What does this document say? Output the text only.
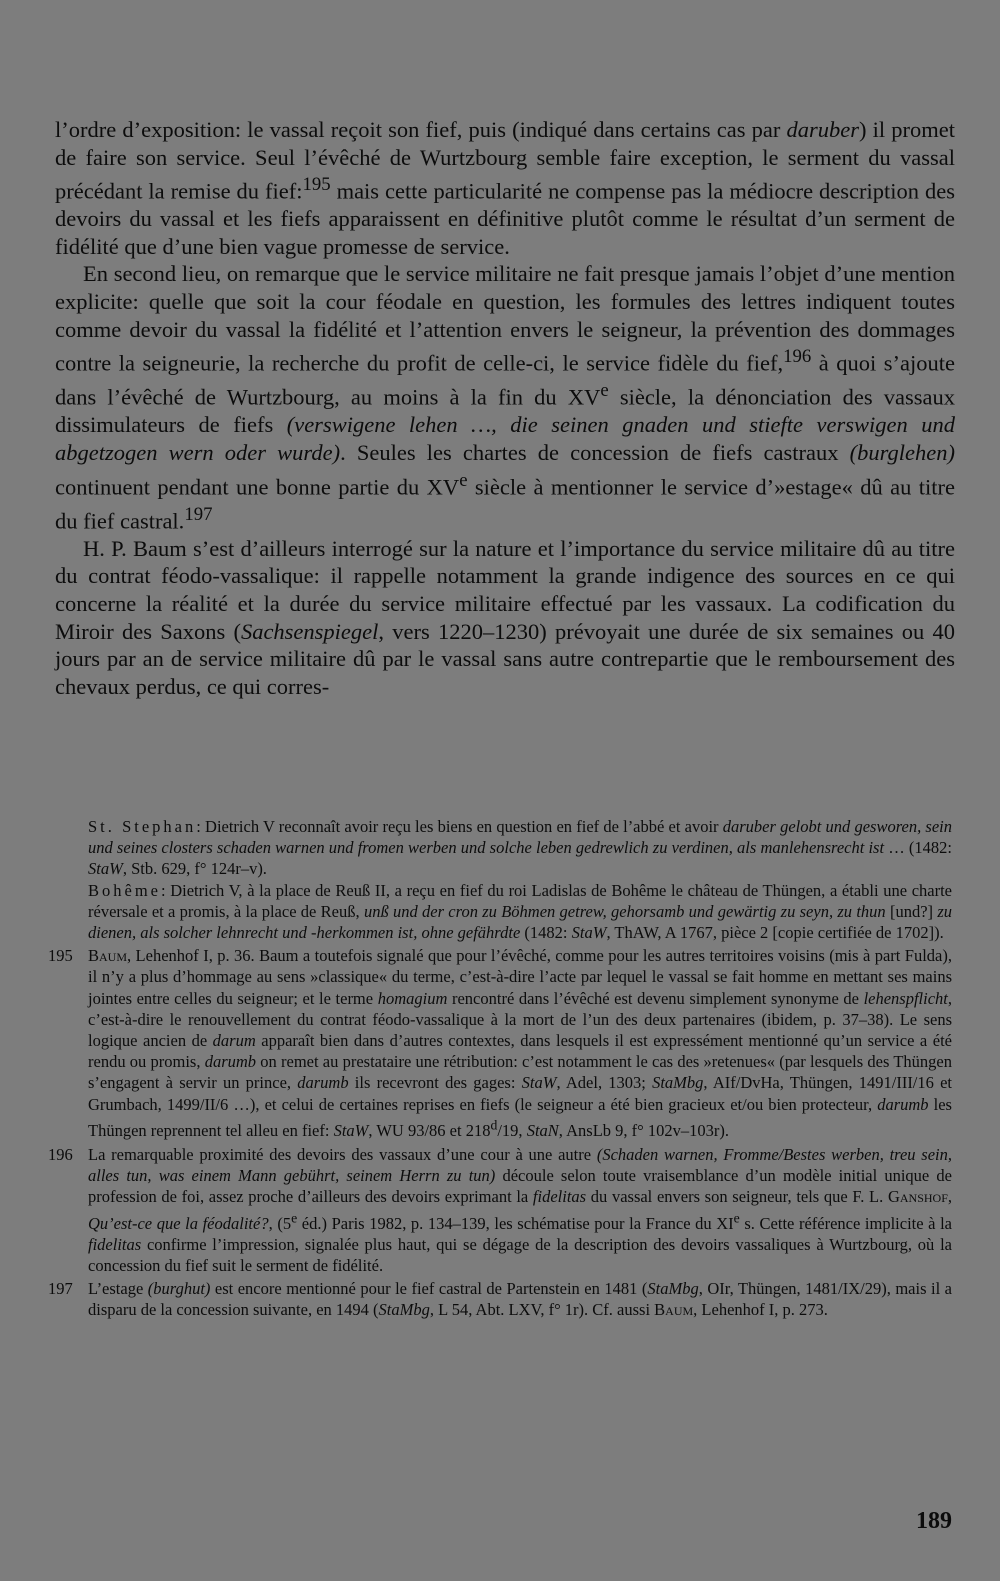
l’ordre d’exposition: le vassal reçoit son fief, puis (indiqué dans certains cas par daruber) il promet de faire son service. Seul l’évêché de Wurtzbourg semble faire exception, le serment du vassal précédant la remise du fief:$^{195}$ mais cette particularité ne compense pas la médiocre description des devoirs du vassal et les fiefs apparaissent en définitive plutôt comme le résultat d’un serment de fidélité que d’une bien vague promesse de service.

En second lieu, on remarque que le service militaire ne fait presque jamais l’objet d’une mention explicite: quelle que soit la cour féodale en question, les formules des lettres indiquent toutes comme devoir du vassal la fidélité et l’attention envers le seigneur, la prévention des dommages contre la seigneurie, la recherche du profit de celle-ci, le service fidèle du fief,$^{196}$ à quoi s’ajoute dans l’évêché de Wurtzbourg, au moins à la fin du XVe siècle, la dénonciation des vassaux dissimulateurs de fiefs (verswigene lehen …, die seinen gnaden und stiefte verswigen und abgetzogen wern oder wurde). Seules les chartes de concession de fiefs castraux (burglehen) continuent pendant une bonne partie du XVe siècle à mentionner le service d’»estage« dû au titre du fief castral.$^{197}$

H. P. Baum s’est d’ailleurs interrogé sur la nature et l’importance du service militaire dû au titre du contrat féodo-vassalique: il rappelle notamment la grande indigence des sources en ce qui concerne la réalité et la durée du service militaire effectué par les vassaux. La codification du Miroir des Saxons (Sachsenspiegel, vers 1220–1230) prévoyait une durée de six semaines ou 40 jours par an de service militaire dû par le vassal sans autre contrepartie que le remboursement des chevaux perdus, ce qui corres-

St. Stephan: Dietrich V reconnaît avoir reçu les biens en question en fief de l’abbé et avoir daruber gelobt und gesworen, sein und seines closters schaden warnen und fromen werben und solche leben gedrewlich zu verdinen, als manlehensrecht ist … (1482: StaW, Stb. 629, f° 124r–v).

Bohême: Dietrich V, à la place de Reuß II, a reçu en fief du roi Ladislas de Bohême le château de Thüngen, a établi une charte réversale et a promis, à la place de Reuß, unß und der cron zu Böhmen getrew, gehorsamb und gewärtig zu seyn, zu thun [und?] zu dienen, als solcher lehnrecht und -herkommen ist, ohne gefährdte (1482: StaW, ThAW, A 1767, pièce 2 [copie certifiée de 1702]).

195 Baum, Lehenhof I, p. 36. Baum a toutefois signalé que pour l’évêché, comme pour les autres territoires voisins (mis à part Fulda), il n’y a plus d’hommage au sens »classique« du terme, c’est-à-dire l’acte par lequel le vassal se fait homme en mettant ses mains jointes entre celles du seigneur; et le terme homagium rencontré dans l’évêché est devenu simplement synonyme de lehenspflicht, c’est-à-dire le renouvellement du contrat féodo-vassalique à la mort de l’un des deux partenaires (ibidem, p. 37–38). Le sens logique ancien de darum apparaît bien dans d’autres contextes, dans lesquels il est expressément mentionné qu’un service a été rendu ou promis, darumb on remet au prestataire une rétribution: c’est notamment le cas des »retenues« (par lesquels des Thüngen s’engagent à servir un prince, darumb ils recevront des gages: StaW, Adel, 1303; StaMbg, AIf/DvHa, Thüngen, 1491/III/16 et Grumbach, 1499/II/6 …), et celui de certaines reprises en fiefs (le seigneur a été bien gracieux et/ou bien protecteur, darumb les Thüngen reprennent tel alleu en fief: StaW, WU 93/86 et 218$^d$/19, StaN, AnsLb 9, f° 102v–103r).

196 La remarquable proximité des devoirs des vassaux d’une cour à une autre (Schaden warnen, Fromme/Bestes werben, treu sein, alles tun, was einem Mann gebührt, seinem Herrn zu tun) découle selon toute vraisemblance d’un modèle initial unique de profession de foi, assez proche d’ailleurs des devoirs exprimant la fidelitas du vassal envers son seigneur, tels que F. L. Ganshof, Qu’est-ce que la féodalité?, (5e éd.) Paris 1982, p. 134–139, les schématise pour la France du XIe s. Cette référence implicite à la fidelitas confirme l’impression, signalée plus haut, qui se dégage de la description des devoirs vassaliques à Wurtzbourg, où la concession du fief suit le serment de fidélité.

197 L’estage (burghut) est encore mentionné pour le fief castral de Partenstein en 1481 (StaMbg, OIr, Thüngen, 1481/IX/29), mais il a disparu de la concession suivante, en 1494 (StaMbg, L 54, Abt. LXV, f° 1r). Cf. aussi Baum, Lehenhof I, p. 273.

189
